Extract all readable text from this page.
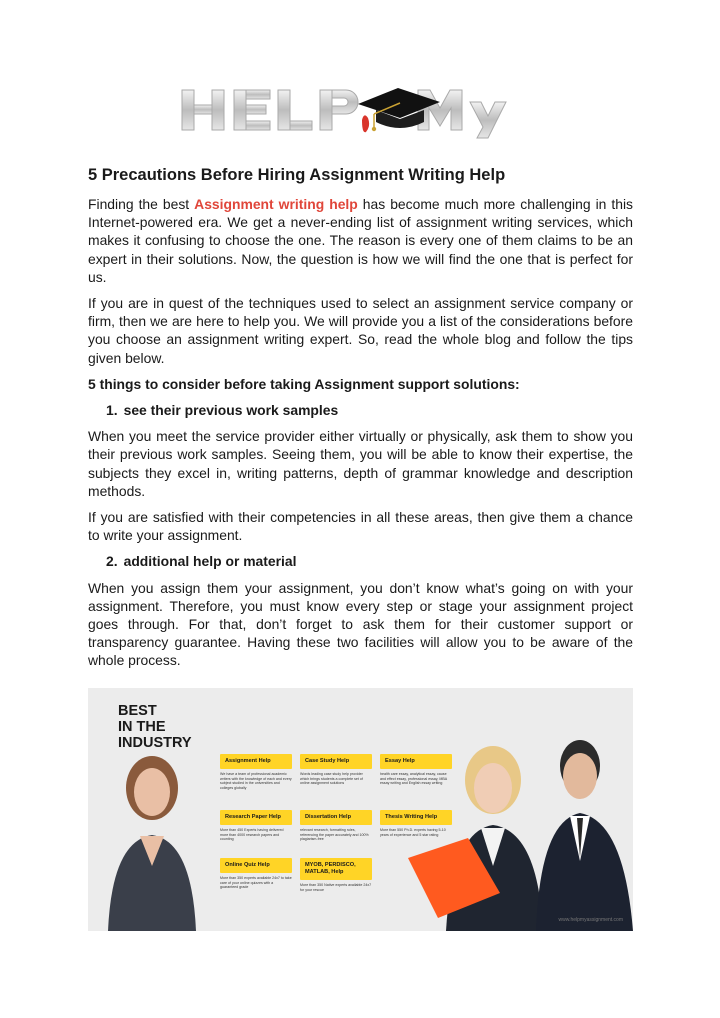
5 Precautions Before Hiring Assignment Writing Help

Finding the best Assignment writing help has become much more challenging in this Internet-powered era. We get a never-ending list of assignment writing services, which makes it confusing to choose the one. The reason is every one of them claims to be an expert in their solutions. Now, the question is how we will find the one that is perfect for us.

If you are in quest of the techniques used to select an assignment service company or firm, then we are here to help you. We will provide you a list of the considerations before you choose an assignment writing expert. So, read the whole blog and follow the tips given below.

5 things to consider before taking Assignment support solutions:
1. see their previous work samples

When you meet the service provider either virtually or physically, ask them to show you their previous work samples. Seeing them, you will be able to know their expertise, the subjects they excel in, writing patterns, depth of grammar knowledge and description methods.

If you are satisfied with their competencies in all these areas, then give them a chance to write your assignment.

2. additional help or material

When you assign them your assignment, you don’t know what’s going on with your assignment. Therefore, you must know every step or stage your assignment project goes through. For that, don’t forget to ask them for their customer support or transparency guarantee. Having these two facilities will allow you to be aware of the whole process.

BEST
IN THE
INDUSTRY
Assignment Help
We have a team of professional academic writers with the knowledge of each and every subject studied in the universities and colleges globally
Case Study Help
Words leading case study help provider which brings students a complete set of online assignment solutions
Essay Help
health care essay, analytical essay, cause and effect essay, professional essay, MBA essay writing and English essay writing
Research Paper Help
More than 450 Experts having delivered more than 4000 research papers and counting
Dissertation Help
relevant research, formatting rules, referencing the paper accurately and 100% plagiarism-free
Thesis Writing Help
More than 550 Ph.D. experts having 5-10 years of experience and 5 star rating
Online Quiz Help
More than 350 experts available 24x7 to take care of your online quizzes with a guaranteed grade
MYOB, PERDISCO, MATLAB, Help
More than 350 Native experts available 24x7 for your rescue
www.helpmyassignment.com
